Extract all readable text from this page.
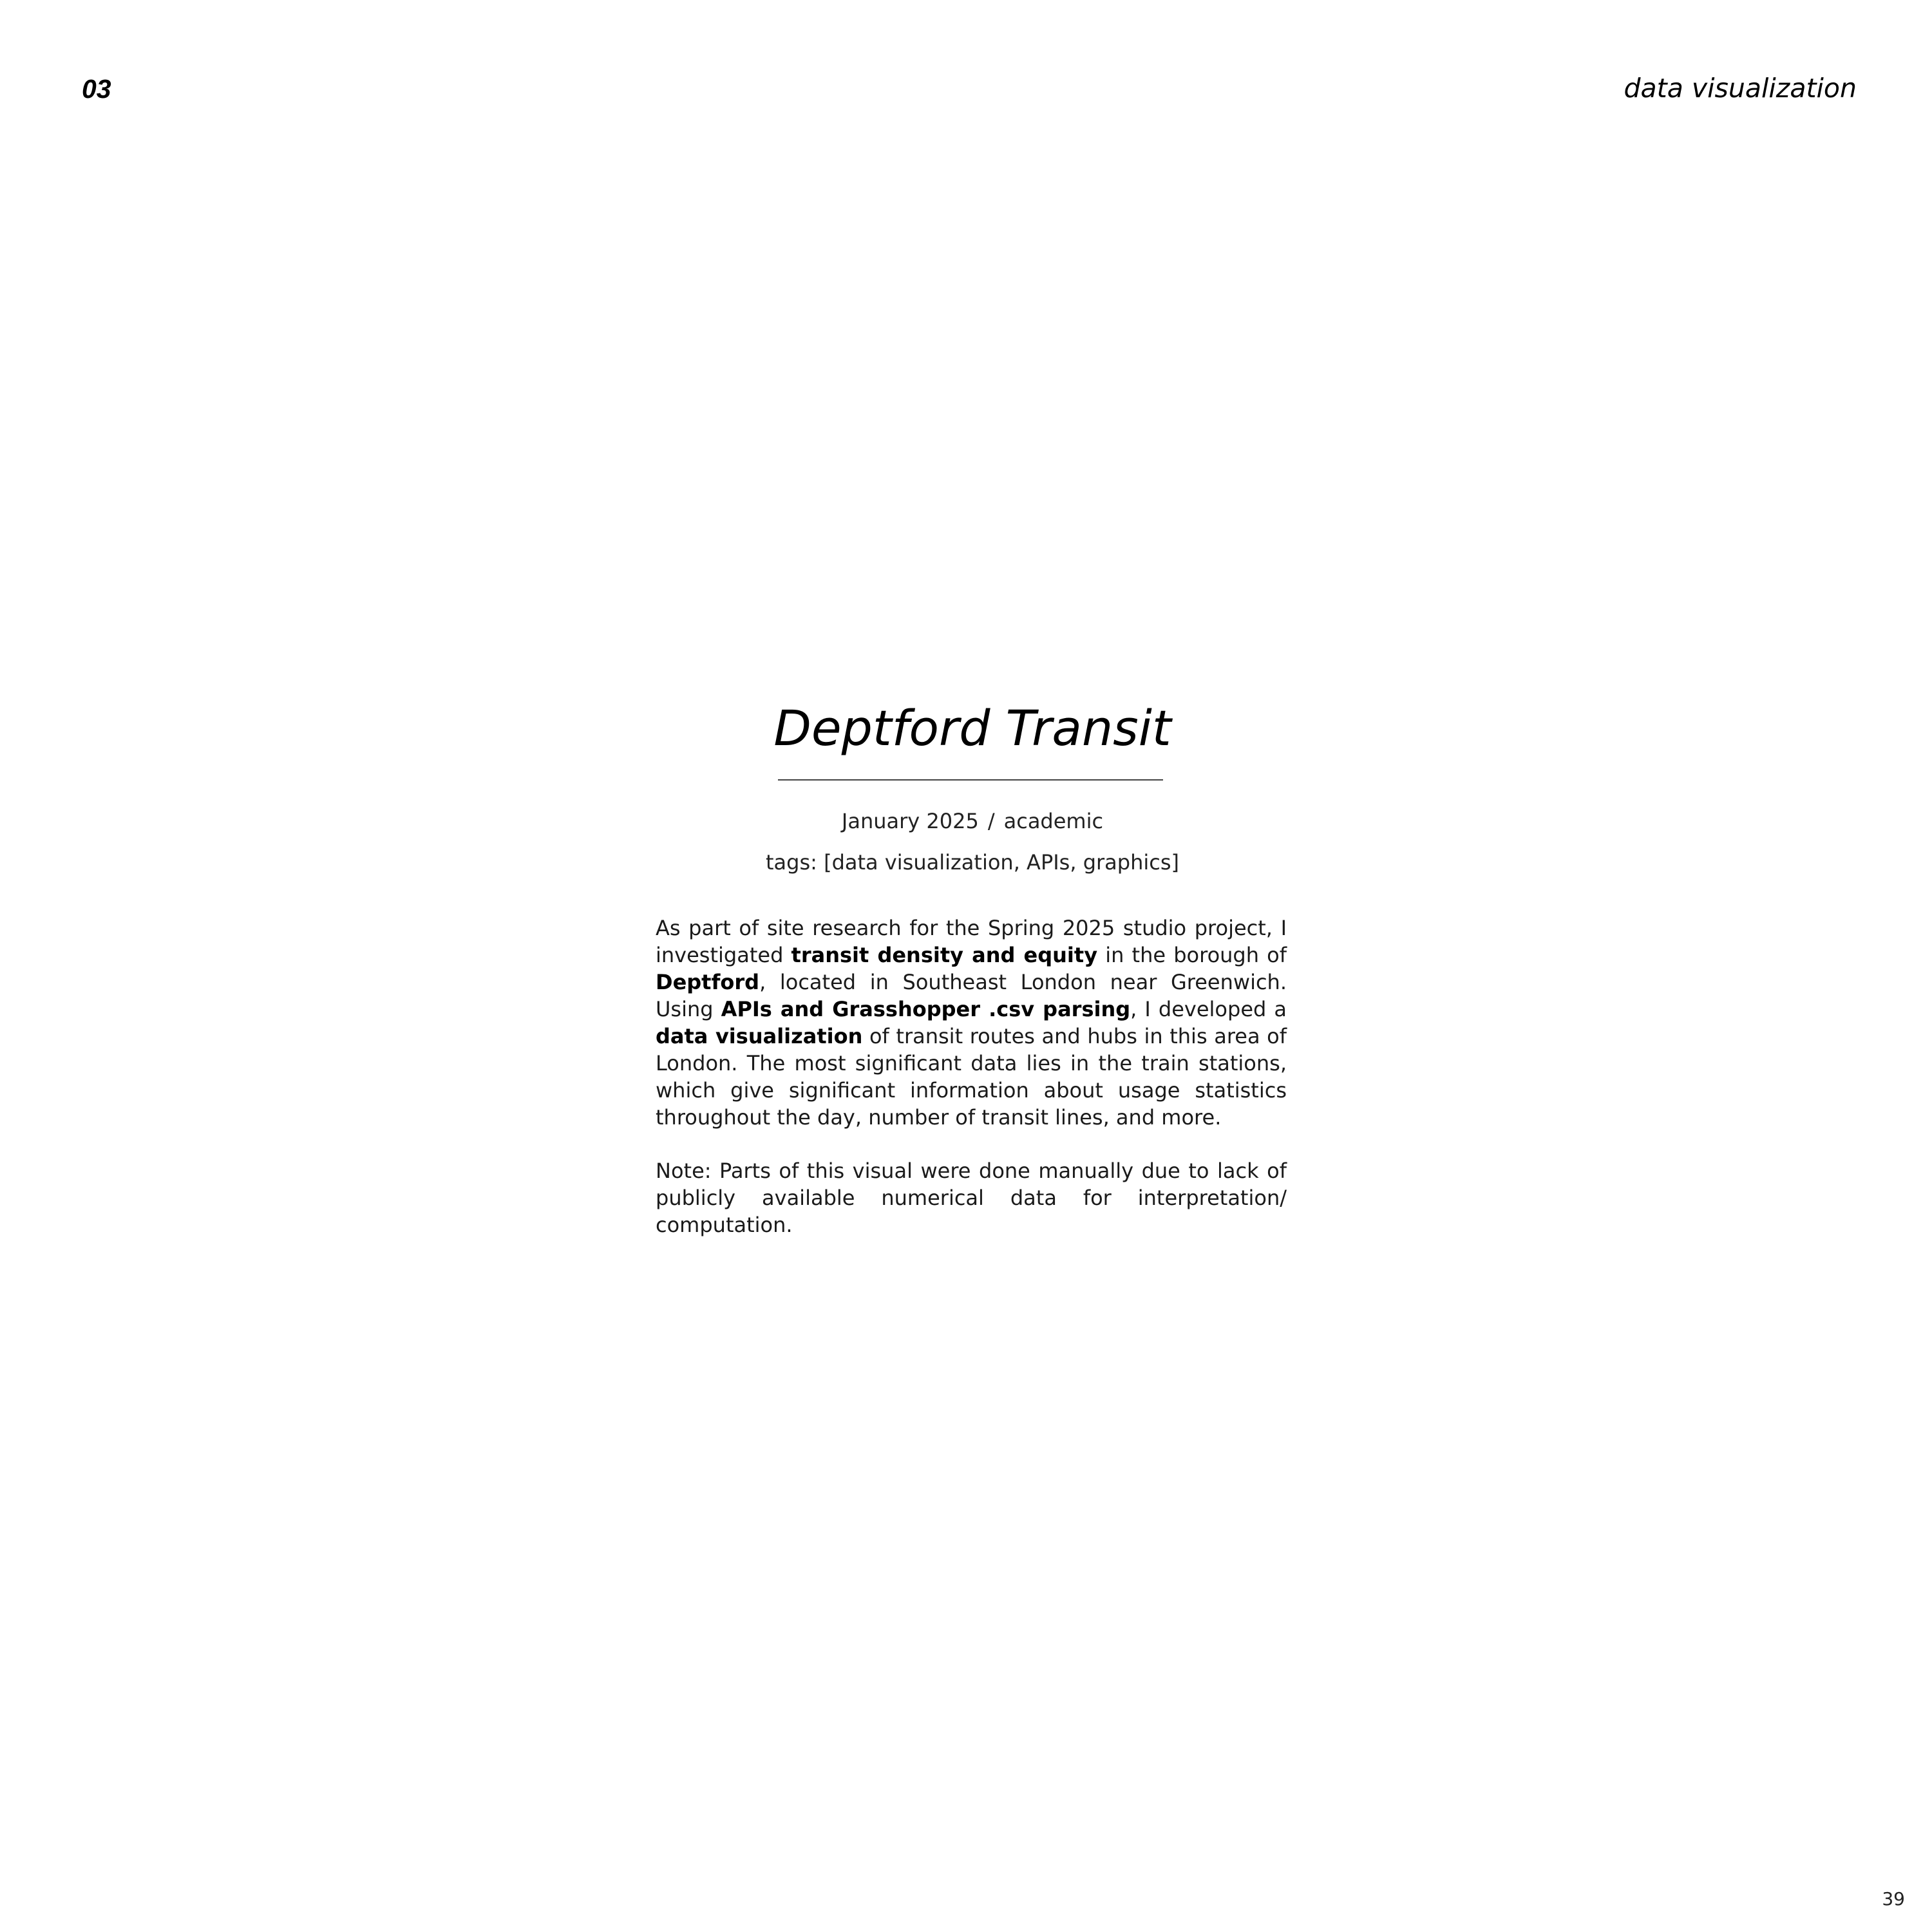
03	data visualization
Deptford Transit
January 2025 / academic
tags: [data visualization, APIs, graphics]
As part of site research for the Spring 2025 studio project, I investigated transit density and equity in the borough of Deptford, located in Southeast London near Greenwich. Using APIs and Grasshopper .csv parsing, I developed a data visualization of transit routes and hubs in this area of London. The most significant data lies in the train stations, which give significant information about usage statistics throughout the day, number of transit lines, and more.
Note: Parts of this visual were done manually due to lack of publicly available numerical data for interpretation/ computation.
39
